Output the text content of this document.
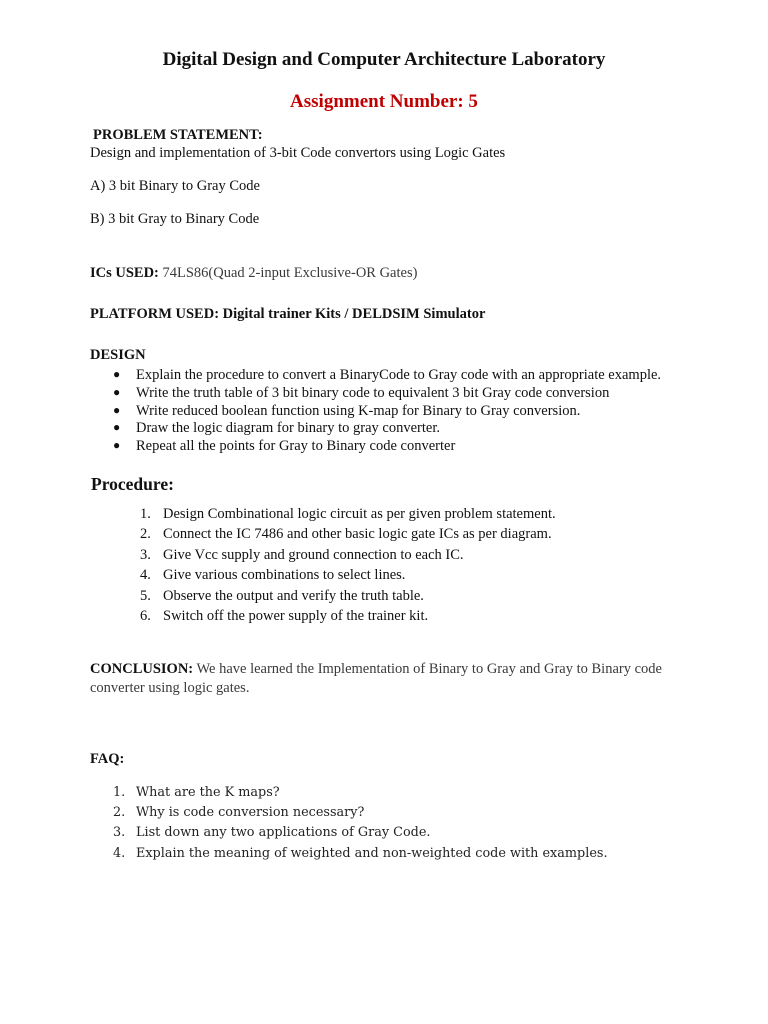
Digital Design and Computer Architecture Laboratory
Assignment Number: 5
PROBLEM STATEMENT:
Design and implementation of 3-bit Code convertors using Logic Gates
A) 3 bit Binary to Gray Code
B) 3 bit Gray to Binary Code
ICs USED: 74LS86(Quad 2-input Exclusive-OR Gates)
PLATFORM USED: Digital trainer Kits / DELDSIM Simulator
DESIGN
● Explain the procedure to convert a BinaryCode to Gray code with an appropriate example.
● Write the truth table of 3 bit binary code to equivalent 3 bit Gray code conversion
● Write reduced boolean function using K-map for Binary to Gray conversion.
● Draw the logic diagram for binary to gray converter.
● Repeat all the points for Gray to Binary code converter
Procedure:
1. Design Combinational logic circuit as per given problem statement.
2. Connect the IC 7486 and other basic logic gate ICs as per diagram.
3. Give Vcc supply and ground connection to each IC.
4. Give various combinations to select lines.
5. Observe the output and verify the truth table.
6. Switch off the power supply of the trainer kit.
CONCLUSION: We have learned the Implementation of Binary to Gray and Gray to Binary code
converter using logic gates.
FAQ:
1. What are the K maps?
2. Why is code conversion necessary?
3. List down any two applications of Gray Code.
4. Explain the meaning of weighted and non-weighted code with examples.
